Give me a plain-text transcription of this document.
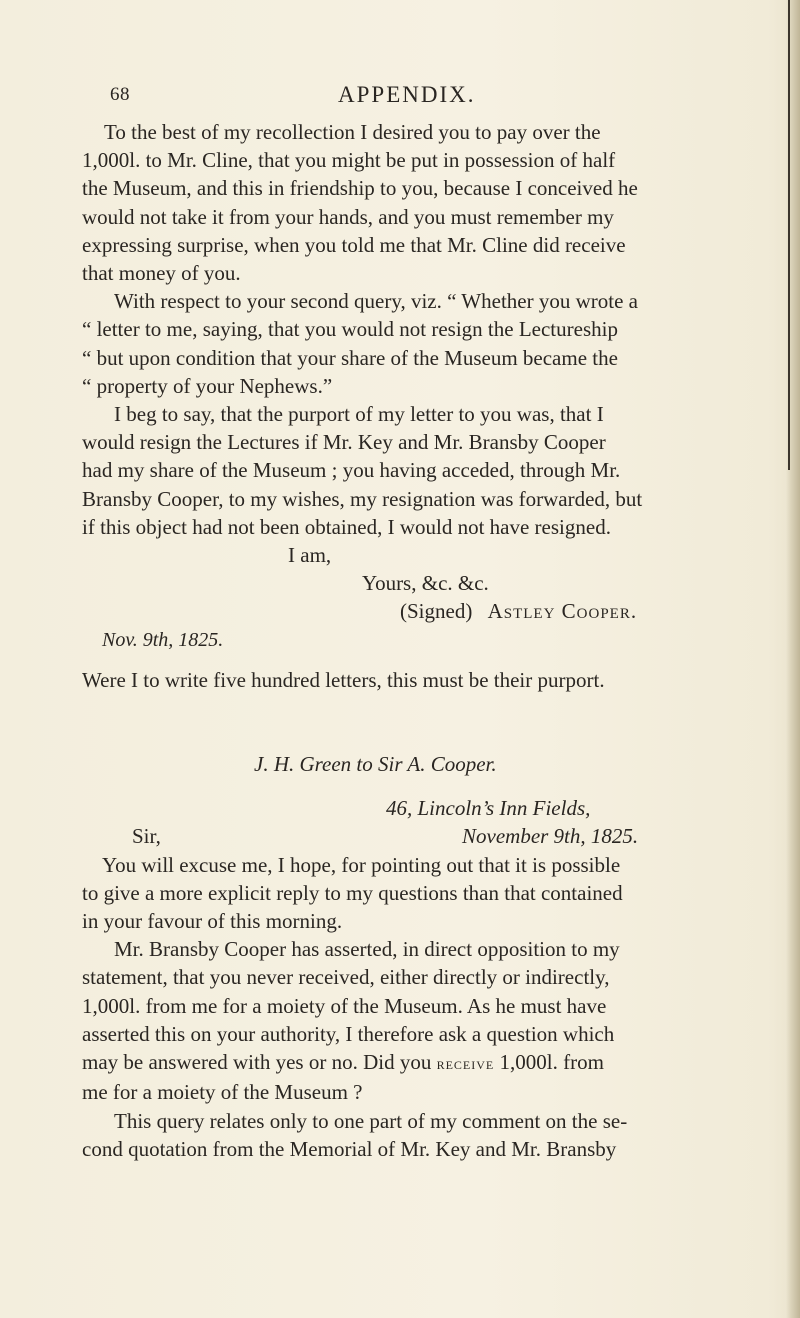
68	APPENDIX.
To the best of my recollection I desired you to pay over the
1,000l. to Mr. Cline, that you might be put in possession of half
the Museum, and this in friendship to you, because I conceived he
would not take it from your hands, and you must remember my
expressing surprise, when you told me that Mr. Cline did receive
that money of you.
With respect to your second query, viz. “ Whether you wrote a
“ letter to me, saying, that you would not resign the Lectureship
“ but upon condition that your share of the Museum became the
“ property of your Nephews.”
I beg to say, that the purport of my letter to you was, that I
would resign the Lectures if Mr. Key and Mr. Bransby Cooper
had my share of the Museum ; you having acceded, through Mr.
Bransby Cooper, to my wishes, my resignation was forwarded, but
if this object had not been obtained, I would not have resigned.
I am,
Yours, &c. &c.
(Signed) Astley Cooper.
Nov. 9th, 1825.
Were I to write five hundred letters, this must be their purport.
J. H. Green to Sir A. Cooper.
46, Lincoln’s Inn Fields,
Sir,	November 9th, 1825.
You will excuse me, I hope, for pointing out that it is possible
to give a more explicit reply to my questions than that contained
in your favour of this morning.
Mr. Bransby Cooper has asserted, in direct opposition to my
statement, that you never received, either directly or indirectly,
1,000l. from me for a moiety of the Museum. As he must have
asserted this on your authority, I therefore ask a question which
may be answered with yes or no. Did you receive 1,000l. from
me for a moiety of the Museum ?
This query relates only to one part of my comment on the se-
cond quotation from the Memorial of Mr. Key and Mr. Bransby
